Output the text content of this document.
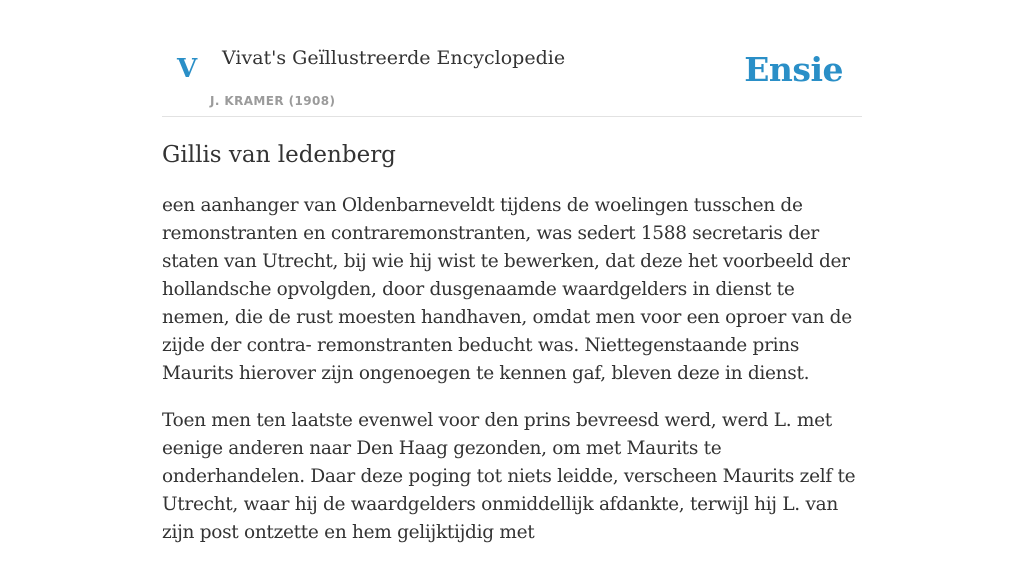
V Vivat's Geïllustreerde Encyclopedie
J. KRAMER (1908)
Ensie
Gillis van ledenberg

een aanhanger van Oldenbarneveldt tijdens de woelingen tusschen de remonstranten en contraremonstranten, was sedert 1588 secretaris der staten van Utrecht, bij wie hij wist te bewerken, dat deze het voorbeeld der hollandsche opvolgden, door dusgenaamde waardgelders in dienst te nemen, die de rust moesten handhaven, omdat men voor een oproer van de zijde der contra- remonstranten beducht was. Niettegenstaande prins Maurits hierover zijn ongenoegen te kennen gaf, bleven deze in dienst.

Toen men ten laatste evenwel voor den prins bevreesd werd, werd L. met eenige anderen naar Den Haag gezonden, om met Maurits te onderhandelen. Daar deze poging tot niets leidde, verscheen Maurits zelf te Utrecht, waar hij de waardgelders onmiddellijk afdankte, terwijl hij L. van zijn post ontzette en hem gelijktijdig met
